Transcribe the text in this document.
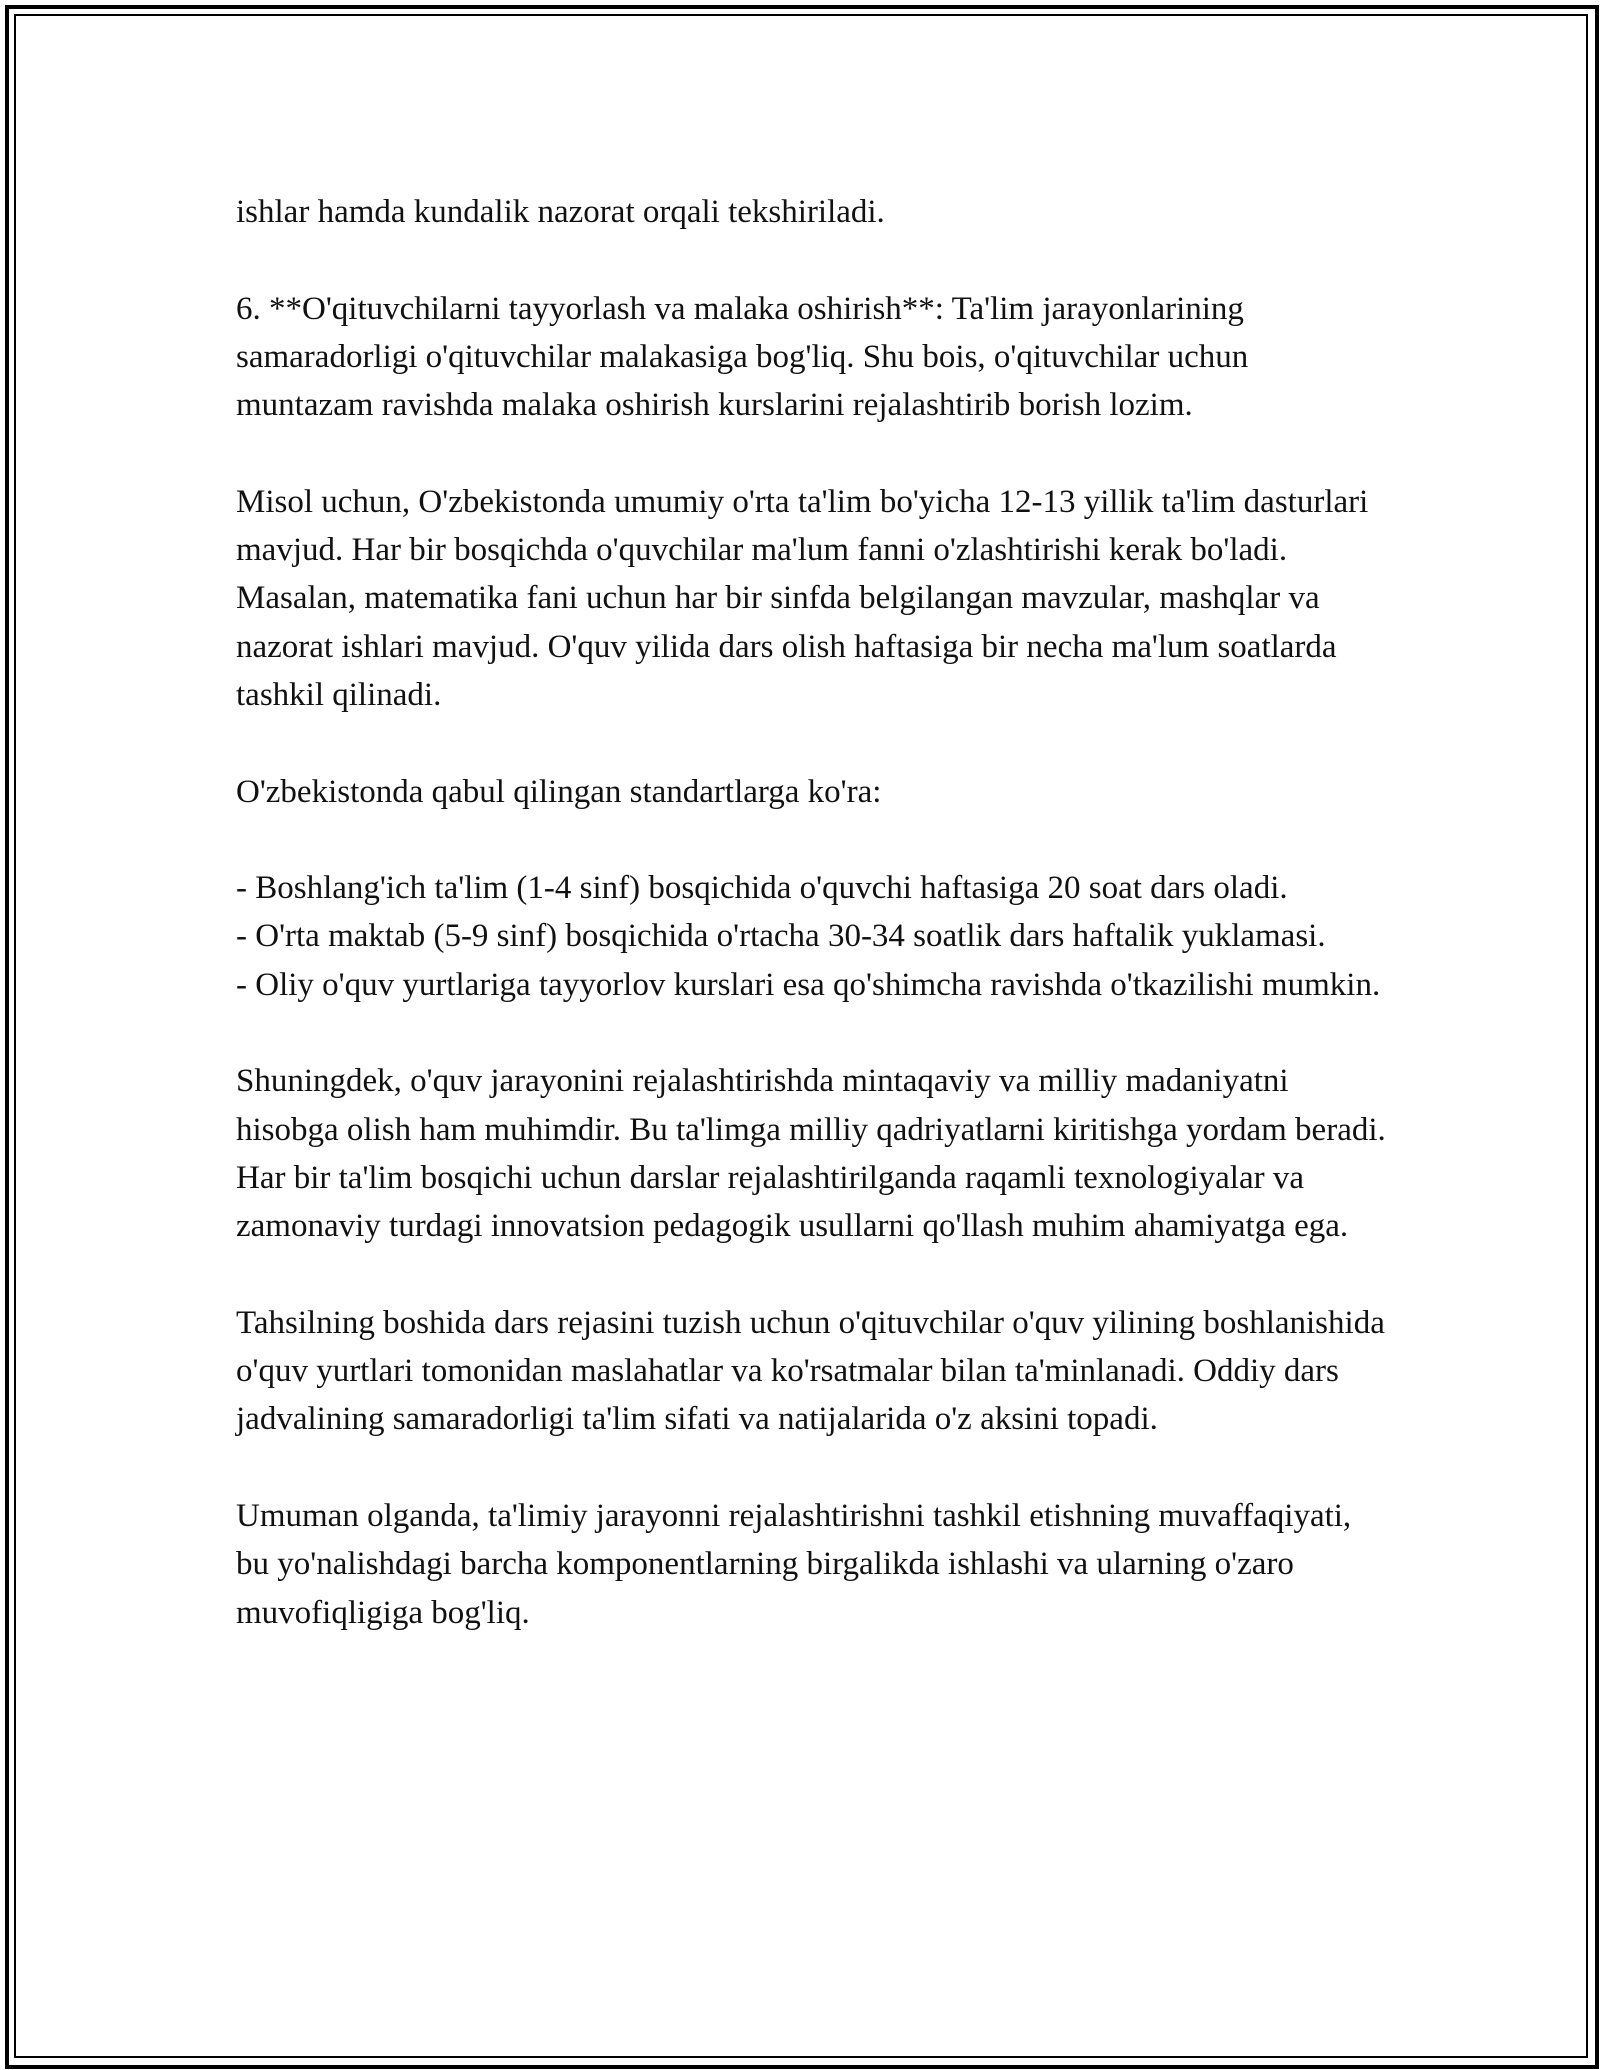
ishlar hamda kundalik nazorat orqali tekshiriladi.

6. **O'qituvchilarni tayyorlash va malaka oshirish**: Ta'lim jarayonlarining samaradorligi o'qituvchilar malakasiga bog'liq. Shu bois, o'qituvchilar uchun muntazam ravishda malaka oshirish kurslarini rejalashtirib borish lozim.

Misol uchun, O'zbekistonda umumiy o'rta ta'lim bo'yicha 12-13 yillik ta'lim dasturlari mavjud. Har bir bosqichda o'quvchilar ma'lum fanni o'zlashtirishi kerak bo'ladi. Masalan, matematika fani uchun har bir sinfda belgilangan mavzular, mashqlar va nazorat ishlari mavjud. O'quv yilida dars olish haftasiga bir necha ma'lum soatlarda tashkil qilinadi.

O'zbekistonda qabul qilingan standartlarga ko'ra:

- Boshlang'ich ta'lim (1-4 sinf) bosqichida o'quvchi haftasiga 20 soat dars oladi.

- O'rta maktab (5-9 sinf) bosqichida o'rtacha 30-34 soatlik dars haftalik yuklamasi.

- Oliy o'quv yurtlariga tayyorlov kurslari esa qo'shimcha ravishda o'tkazilishi mumkin.

Shuningdek, o'quv jarayonini rejalashtirishda mintaqaviy va milliy madaniyatni hisobga olish ham muhimdir. Bu ta'limga milliy qadriyatlarni kiritishga yordam beradi. Har bir ta'lim bosqichi uchun darslar rejalashtirilganda raqamli texnologiyalar va zamonaviy turdagi innovatsion pedagogik usullarni qo'llash muhim ahamiyatga ega.

Tahsilning boshida dars rejasini tuzish uchun o'qituvchilar o'quv yilining boshlanishida o'quv yurtlari tomonidan maslahatlar va ko'rsatmalar bilan ta'minlanadi. Oddiy dars jadvalining samaradorligi ta'lim sifati va natijalarida o'z aksini topadi.

Umuman olganda, ta'limiy jarayonni rejalashtirishni tashkil etishning muvaffaqiyati, bu yo'nalishdagi barcha komponentlarning birgalikda ishlashi va ularning o'zaro muvofiqligiga bog'liq.
